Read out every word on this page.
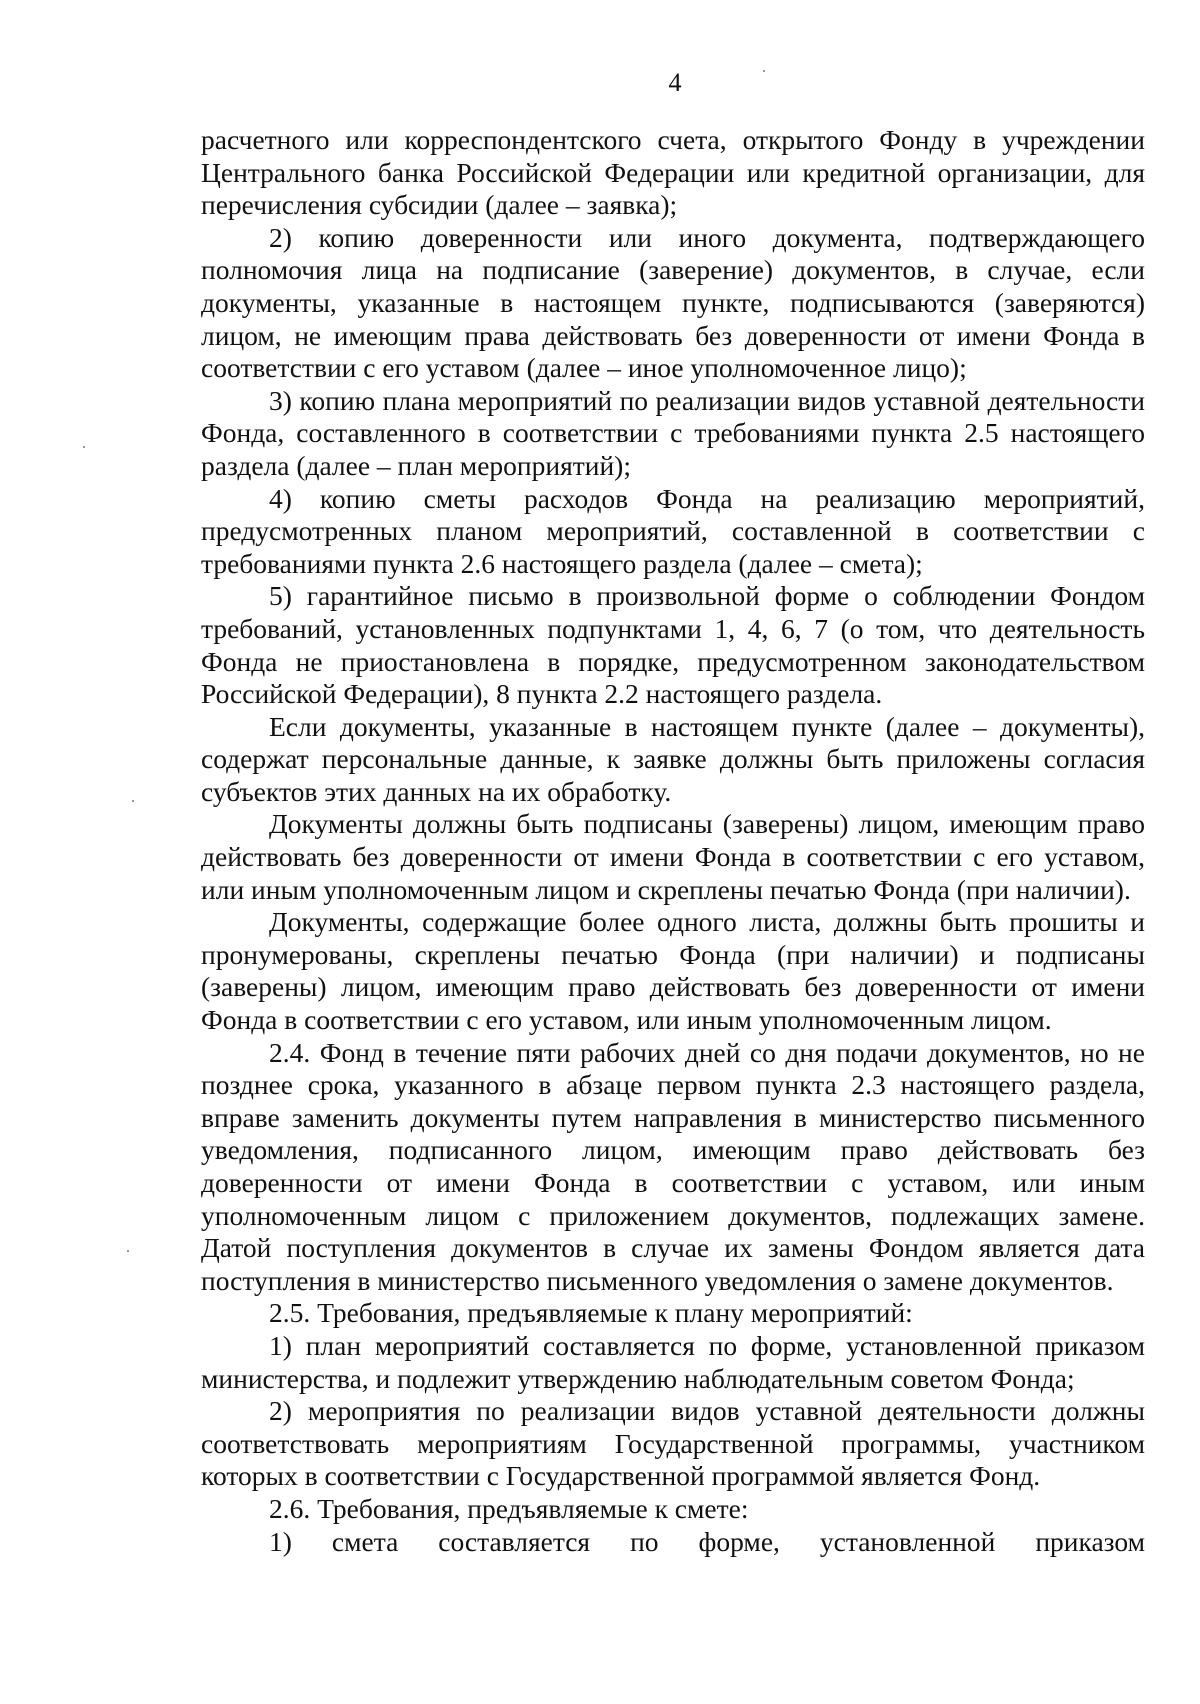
4

расчетного или корреспондентского счета, открытого Фонду в учреждении Центрального банка Российской Федерации или кредитной организации, для перечисления субсидии (далее – заявка);

2) копию доверенности или иного документа, подтверждающего полномочия лица на подписание (заверение) документов, в случае, если документы, указанные в настоящем пункте, подписываются (заверяются) лицом, не имеющим права действовать без доверенности от имени Фонда в соответствии с его уставом (далее – иное уполномоченное лицо);

3) копию плана мероприятий по реализации видов уставной деятельности Фонда, составленного в соответствии с требованиями пункта 2.5 настоящего раздела (далее – план мероприятий);

4) копию сметы расходов Фонда на реализацию мероприятий, предусмотренных планом мероприятий, составленной в соответствии с требованиями пункта 2.6 настоящего раздела (далее – смета);

5) гарантийное письмо в произвольной форме о соблюдении Фондом требований, установленных подпунктами 1, 4, 6, 7 (о том, что деятельность Фонда не приостановлена в порядке, предусмотренном законодательством Российской Федерации), 8 пункта 2.2 настоящего раздела.

Если документы, указанные в настоящем пункте (далее – документы), содержат персональные данные, к заявке должны быть приложены согласия субъектов этих данных на их обработку.

Документы должны быть подписаны (заверены) лицом, имеющим право действовать без доверенности от имени Фонда в соответствии с его уставом, или иным уполномоченным лицом и скреплены печатью Фонда (при наличии).

Документы, содержащие более одного листа, должны быть прошиты и пронумерованы, скреплены печатью Фонда (при наличии) и подписаны (заверены) лицом, имеющим право действовать без доверенности от имени Фонда в соответствии с его уставом, или иным уполномоченным лицом.

2.4. Фонд в течение пяти рабочих дней со дня подачи документов, но не позднее срока, указанного в абзаце первом пункта 2.3 настоящего раздела, вправе заменить документы путем направления в министерство письменного уведомления, подписанного лицом, имеющим право действовать без доверенности от имени Фонда в соответствии с уставом, или иным уполномоченным лицом с приложением документов, подлежащих замене. Датой поступления документов в случае их замены Фондом является дата поступления в министерство письменного уведомления о замене документов.

2.5. Требования, предъявляемые к плану мероприятий:

1) план мероприятий составляется по форме, установленной приказом министерства, и подлежит утверждению наблюдательным советом Фонда;

2) мероприятия по реализации видов уставной деятельности должны соответствовать мероприятиям Государственной программы, участником которых в соответствии с Государственной программой является Фонд.

2.6. Требования, предъявляемые к смете:

1) смета составляется по форме, установленной приказом
